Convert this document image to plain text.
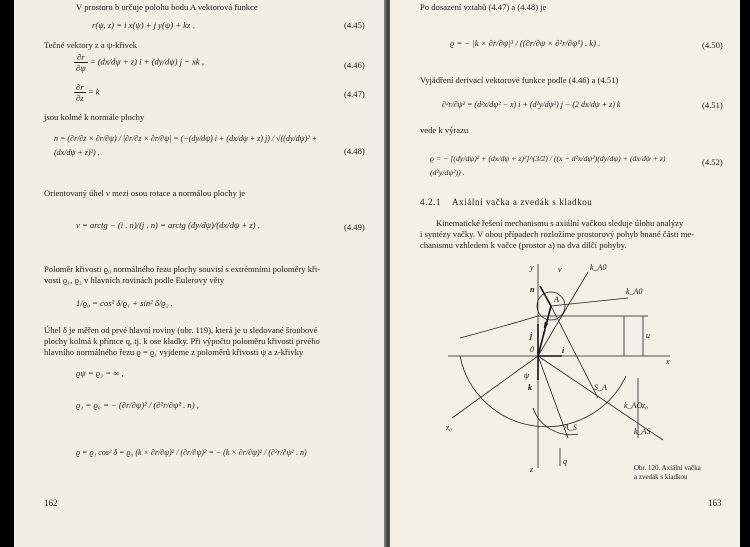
V prostoru b určuje polohu bodu A vektorová funkce
r(ψ, z) = i x(ψ) + j y(ψ) + kz .	(4.45)
Tečné vektory z a ψ-křivek
$\frac{\partial r}{\partial\psi} = (dx/d\psi + z) i + (dy/d\psi) j$ − xk ,	(4.46)
$\frac{\partial r}{\partial z} = k$	(4.47)
jsou kolmé k normále plochy
n = (∂r/∂z × ∂r/∂ψ) / |∂r/∂z × ∂r/∂ψ| = (−(dy/dψ) i + (dx/dψ + z) j) / √((dy/dψ)² + (dx/dψ + z)²) .	(4.48)
Orientovaný úhel ν mezi osou rotace a normálou plochy je
ν = arctg − (i . n)/(j . n) = arctg (dy/dψ)/(dx/dψ + z) .	(4.49)
Poloměr křivosti ϱ₀ normálného řezu plochy souvisí s extrémními poloměry kři-
vosti ϱ₁, ϱ₂ v hlavních rovinách podle Eulerovy věty
1/ϱ₀ = cos² δ/ϱ₁ + sin² δ/ϱ₂ .
Úhel δ je měřen od prvé hlavní roviny (obr. 119), která je u sledované šroubové
plochy kolmá k přímce q, tj. k ose kladky. Při výpočtu poloměru křivosti prvého
hlavního normálného řezu ϱ = ϱ₁ vyjdeme z poloměrů křivosti ψ a z-křivky
ϱψ = ϱ₂ = ∞ ,
ϱ₁ = ϱ₀ = − (∂r/∂ψ)² / (∂²r/∂ψ² . n) ,
ϱ = ϱ₁ cos² δ = ϱ₀ (k × ∂r/∂ψ)² / (∂r/∂ψ)² = − (k × ∂r/∂ψ)² / (∂²r/∂ψ² . n)
162
Po dosazení vztahů (4.47) a (4.48) je
ϱ = − |k × ∂r/∂ψ|³ / ((∂r/∂ψ × ∂²r/∂ψ²) . k) .	(4.50)
Vyjádření derivací vektorové funkce podle (4.46) a (4.51)
∂²r/∂ψ² = (d²x/dψ² − x) i + (d²y/dψ²) j − (2 dx/dψ + z) k	(4.51)
vede k výrazu
ϱ = − [(dy/dψ)² + (dx/dψ + z)²]^(3/2) / ((x − d²x/dψ²)(dy/dψ) + (dx/dψ + z)(d²y/dψ²)) .
(4.52)
4.2.1 Axiální vačka a zvedák s kladkou
Kinematické řešení mechanismu s axiální vačkou sleduje úlohu analýzy
i syntézy vačky. V obou případech rozložíme prostorový pohyb hnané části me-
chanismu vzhledem k vačce (prostor a) na dva dílčí pohyby.
y	v	k_A0
k_A0
n
A
p
u
j
0	i
x
ψ
k	S_A
A_S
k_AO
k_AS
z₀
z₀
z
q
Obr. 120. Axiální vačka
a zvedák s kladkou
163
